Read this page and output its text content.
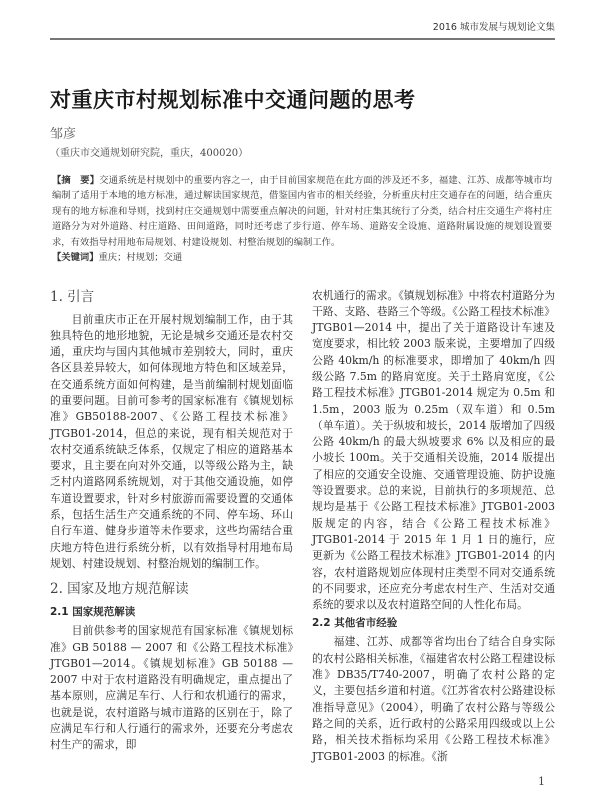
2016 城市发展与规划论文集
对重庆市村规划标准中交通问题的思考
邹彦
（重庆市交通规划研究院，重庆，400020）
【摘　要】交通系统是村规划中的重要内容之一，由于目前国家规范在此方面的涉及还不多，福建、江苏、成都等城市均编制了适用于本地的地方标准，通过解读国家规范，借鉴国内省市的相关经验，分析重庆村庄交通存在的问题，结合重庆现有的地方标准和导则，找到村庄交通规划中需要重点解决的问题，针对村庄集其统行了分类，结合村庄交通生产将村庄道路分为对外道路、村庄道路、田间道路，同时还考虑了步行道、停车场、道路安全设施、道路附属设施的规划设置要求，有效指导村用地布局规划、村建设规划、村整治规划的编制工作。
【关键词】重庆；村规划；交通
1. 引言

目前重庆市正在开展村规划编制工作，由于其独具特色的地形地貌，无论是城乡交通还是农村交通，重庆均与国内其他城市差别较大，同时，重庆各区县差异较大，如何体现地方特色和区域差异，在交通系统方面如何构建，是当前编制村规划面临的重要问题。目前可参考的国家标准有《镇规划标准》GB50188-2007、《公路工程技术标准》JTGB01-2014，但总的来说，现有相关规范对于农村交通系统缺乏体系，仅规定了相应的道路基本要求，且主要在向对外交通，以等级公路为主，缺乏村内道路网系统规划，对于其他交通设施，如停车道设置要求，针对乡村旅游而需要设置的交通体系，包括生活生产交通系统的不同、停车场、环山自行车道、健身步道等未作要求，这些均需结合重庆地方特色进行系统分析，以有效指导村用地布局规划、村建设规划、村整治规划的编制工作。

2. 国家及地方规范解读
2.1 国家规范解读

目前供参考的国家规范有国家标准《镇规划标准》GB 50188 — 2007 和《公路工程技术标准》JTGB01—2014。《镇规划标准》GB 50188 — 2007 中对于农村道路没有明确规定，重点提出了基本原则，应满足车行、人行和农机通行的需求，也就是说，农村道路与城市道路的区别在于，除了应满足车行和人行通行的需求外，还要充分考虑农村生产的需求，即

农机通行的需求。《镇规划标准》中将农村道路分为干路、支路、巷路三个等级。《公路工程技术标准》JTGB01—2014 中，提出了关于道路设计车速及宽度要求，相比较 2003 版来说，主要增加了四级公路 40km/h 的标准要求，即增加了 40km/h 四级公路 7.5m 的路肩宽度。关于土路肩宽度，《公路工程技术标准》JTGB01-2014 规定为 0.5m 和 1.5m，2003 版为 0.25m（双车道）和 0.5m（单车道）。关于纵坡和坡长，2014 版增加了四级公路 40km/h 的最大纵坡要求 6% 以及相应的最小坡长 100m。关于交通相关设施，2014 版提出了相应的交通安全设施、交通管理设施、防护设施等设置要求。总的来说，目前执行的多项规范、总规均是基于《公路工程技术标准》JTGB01-2003 版规定的内容，结合《公路工程技术标准》JTGB01-2014 于 2015 年 1 月 1 日的施行，应更新为《公路工程技术标准》JTGB01-2014 的内容，农村道路规划应体现村庄类型不同对交通系统的不同要求，还应充分考虑农村生产、生活对交通系统的要求以及农村道路空间的人性化布局。

2.2 其他省市经验

福建、江苏、成都等省均出台了结合自身实际的农村公路相关标准，《福建省农村公路工程建设标准》DB35/T740-2007，明确了农村公路的定义，主要包括乡道和村道。《江苏省农村公路建设标准指导意见》（2004），明确了农村公路与等级公路之间的关系，近行政村的公路采用四级或以上公路，相关技术指标均采用《公路工程技术标准》JTGB01-2003 的标准。《浙

1
